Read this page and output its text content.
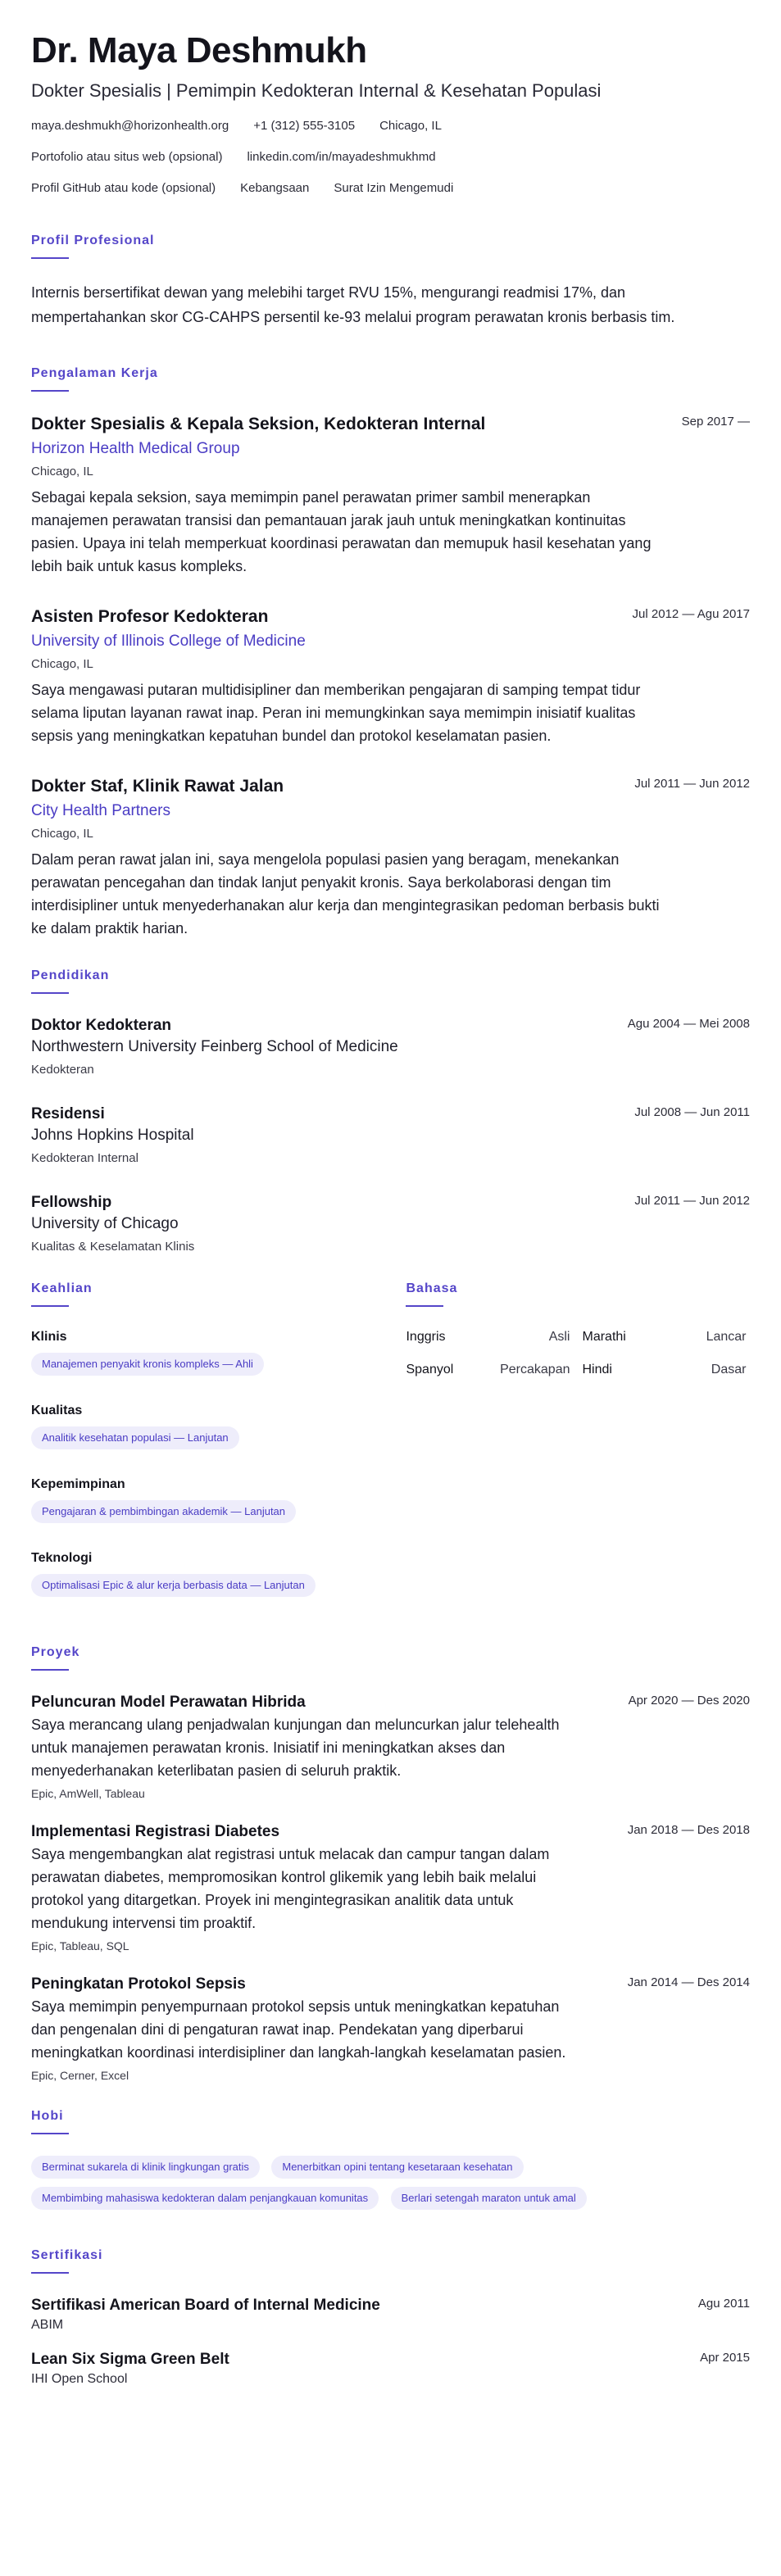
Dr. Maya Deshmukh
Dokter Spesialis | Pemimpin Kedokteran Internal & Kesehatan Populasi
maya.deshmukh@horizonhealth.org +1 (312) 555-3105 Chicago, IL
Portofolio atau situs web (opsional) linkedin.com/in/mayadeshmukhmd
Profil GitHub atau kode (opsional) Kebangsaan Surat Izin Mengemudi
Profil Profesional

Internis bersertifikat dewan yang melebihi target RVU 15%, mengurangi readmisi 17%, dan mempertahankan skor CG-CAHPS persentil ke-93 melalui program perawatan kronis berbasis tim.

Pengalaman Kerja
Dokter Spesialis & Kepala Seksion, Kedokteran Internal	Sep 2017 —
Horizon Health Medical Group
Chicago, IL

Sebagai kepala seksion, saya memimpin panel perawatan primer sambil menerapkan manajemen perawatan transisi dan pemantauan jarak jauh untuk meningkatkan kontinuitas pasien. Upaya ini telah memperkuat koordinasi perawatan dan memupuk hasil kesehatan yang lebih baik untuk kasus kompleks.

Asisten Profesor Kedokteran	Jul 2012 — Agu 2017
University of Illinois College of Medicine
Chicago, IL

Saya mengawasi putaran multidisipliner dan memberikan pengajaran di samping tempat tidur selama liputan layanan rawat inap. Peran ini memungkinkan saya memimpin inisiatif kualitas sepsis yang meningkatkan kepatuhan bundel dan protokol keselamatan pasien.

Dokter Staf, Klinik Rawat Jalan	Jul 2011 — Jun 2012
City Health Partners
Chicago, IL

Dalam peran rawat jalan ini, saya mengelola populasi pasien yang beragam, menekankan perawatan pencegahan dan tindak lanjut penyakit kronis. Saya berkolaborasi dengan tim interdisipliner untuk menyederhanakan alur kerja dan mengintegrasikan pedoman berbasis bukti ke dalam praktik harian.

Pendidikan
Doktor Kedokteran	Agu 2004 — Mei 2008
Northwestern University Feinberg School of Medicine
Kedokteran
Residensi	Jul 2008 — Jun 2011
Johns Hopkins Hospital
Kedokteran Internal
Fellowship	Jul 2011 — Jun 2012
University of Chicago
Kualitas & Keselamatan Klinis
Keahlian
Klinis
Manajemen penyakit kronis kompleks — Ahli
Kualitas
Analitik kesehatan populasi — Lanjutan
Kepemimpinan
Pengajaran & pembimbingan akademik — Lanjutan
Teknologi
Optimalisasi Epic & alur kerja berbasis data — Lanjutan
Bahasa
Inggris	Asli Marathi	Lancar
Spanyol	Percakapan Hindi	Dasar
Proyek
Peluncuran Model Perawatan Hibrida	Apr 2020 — Des 2020

Saya merancang ulang penjadwalan kunjungan dan meluncurkan jalur telehealth untuk manajemen perawatan kronis. Inisiatif ini meningkatkan akses dan menyederhanakan keterlibatan pasien di seluruh praktik.

Epic, AmWell, Tableau
Implementasi Registrasi Diabetes	Jan 2018 — Des 2018

Saya mengembangkan alat registrasi untuk melacak dan campur tangan dalam perawatan diabetes, mempromosikan kontrol glikemik yang lebih baik melalui protokol yang ditargetkan. Proyek ini mengintegrasikan analitik data untuk mendukung intervensi tim proaktif.

Epic, Tableau, SQL
Peningkatan Protokol Sepsis	Jan 2014 — Des 2014

Saya memimpin penyempurnaan protokol sepsis untuk meningkatkan kepatuhan dan pengenalan dini di pengaturan rawat inap. Pendekatan yang diperbarui meningkatkan koordinasi interdisipliner dan langkah-langkah keselamatan pasien.

Epic, Cerner, Excel
Hobi
Berminat sukarela di klinik lingkungan gratis	Menerbitkan opini tentang kesetaraan kesehatan
Membimbing mahasiswa kedokteran dalam penjangkauan komunitas	Berlari setengah maraton untuk amal
Sertifikasi
Sertifikasi American Board of Internal Medicine	Agu 2011
ABIM
Lean Six Sigma Green Belt	Apr 2015
IHI Open School
